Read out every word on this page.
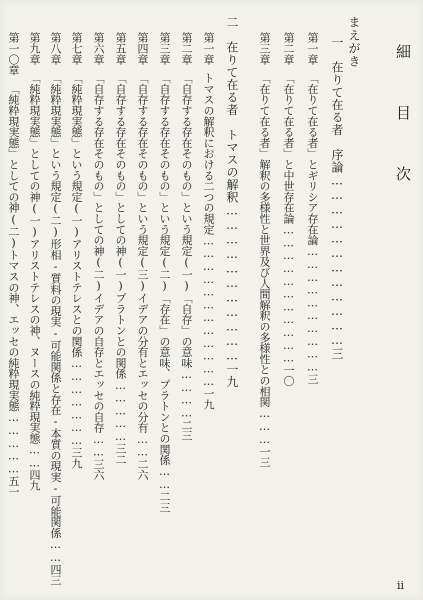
細 目 次
まえがき
一　在りて在る者　序論………………………………三
第一章「在りて在る者」とギリシア存在論…………………………三
第二章「在りて在る者」と中世存在論……………………………一〇
第三章「在りて在る者」解釈の多様性と世界及び人間解釈の多様性との相関………一三
二　在りて在る者　トマスの解釈……………………………一九
第一章トマスの解釈における二つの規定………………………………一九
第二章「自存する存在そのもの」という規定(一)「自存」の意味…………二三
第三章「自存する存在そのもの」という規定(二)「存在」の意味、プラトンとの関係……二三
第四章「自存する存在そのもの」という規定(三)イデアの分有とエッセの分有……二六
第五章「自存する存在そのもの」としての神(一)プラトンとの関係……………三二
第六章「自存する存在そのもの」としての神(二)イデアの自存とエッセの自存……三六
第七章「純粋現実態」という規定(一)アリストテレスとの関係…………………三九
第八章「純粋現実態」という規定(二)形相‐質料の現実‐可能関係と存在‐本質の現実‐可能関係……四三
第九章「純粋現実態」としての神(一)アリストテレスの神、ヌースの純粋現実態……四九
第一〇章「純粋現実態」としての神(二)トマスの神、エッセの純粋現実態……………五一
ii
